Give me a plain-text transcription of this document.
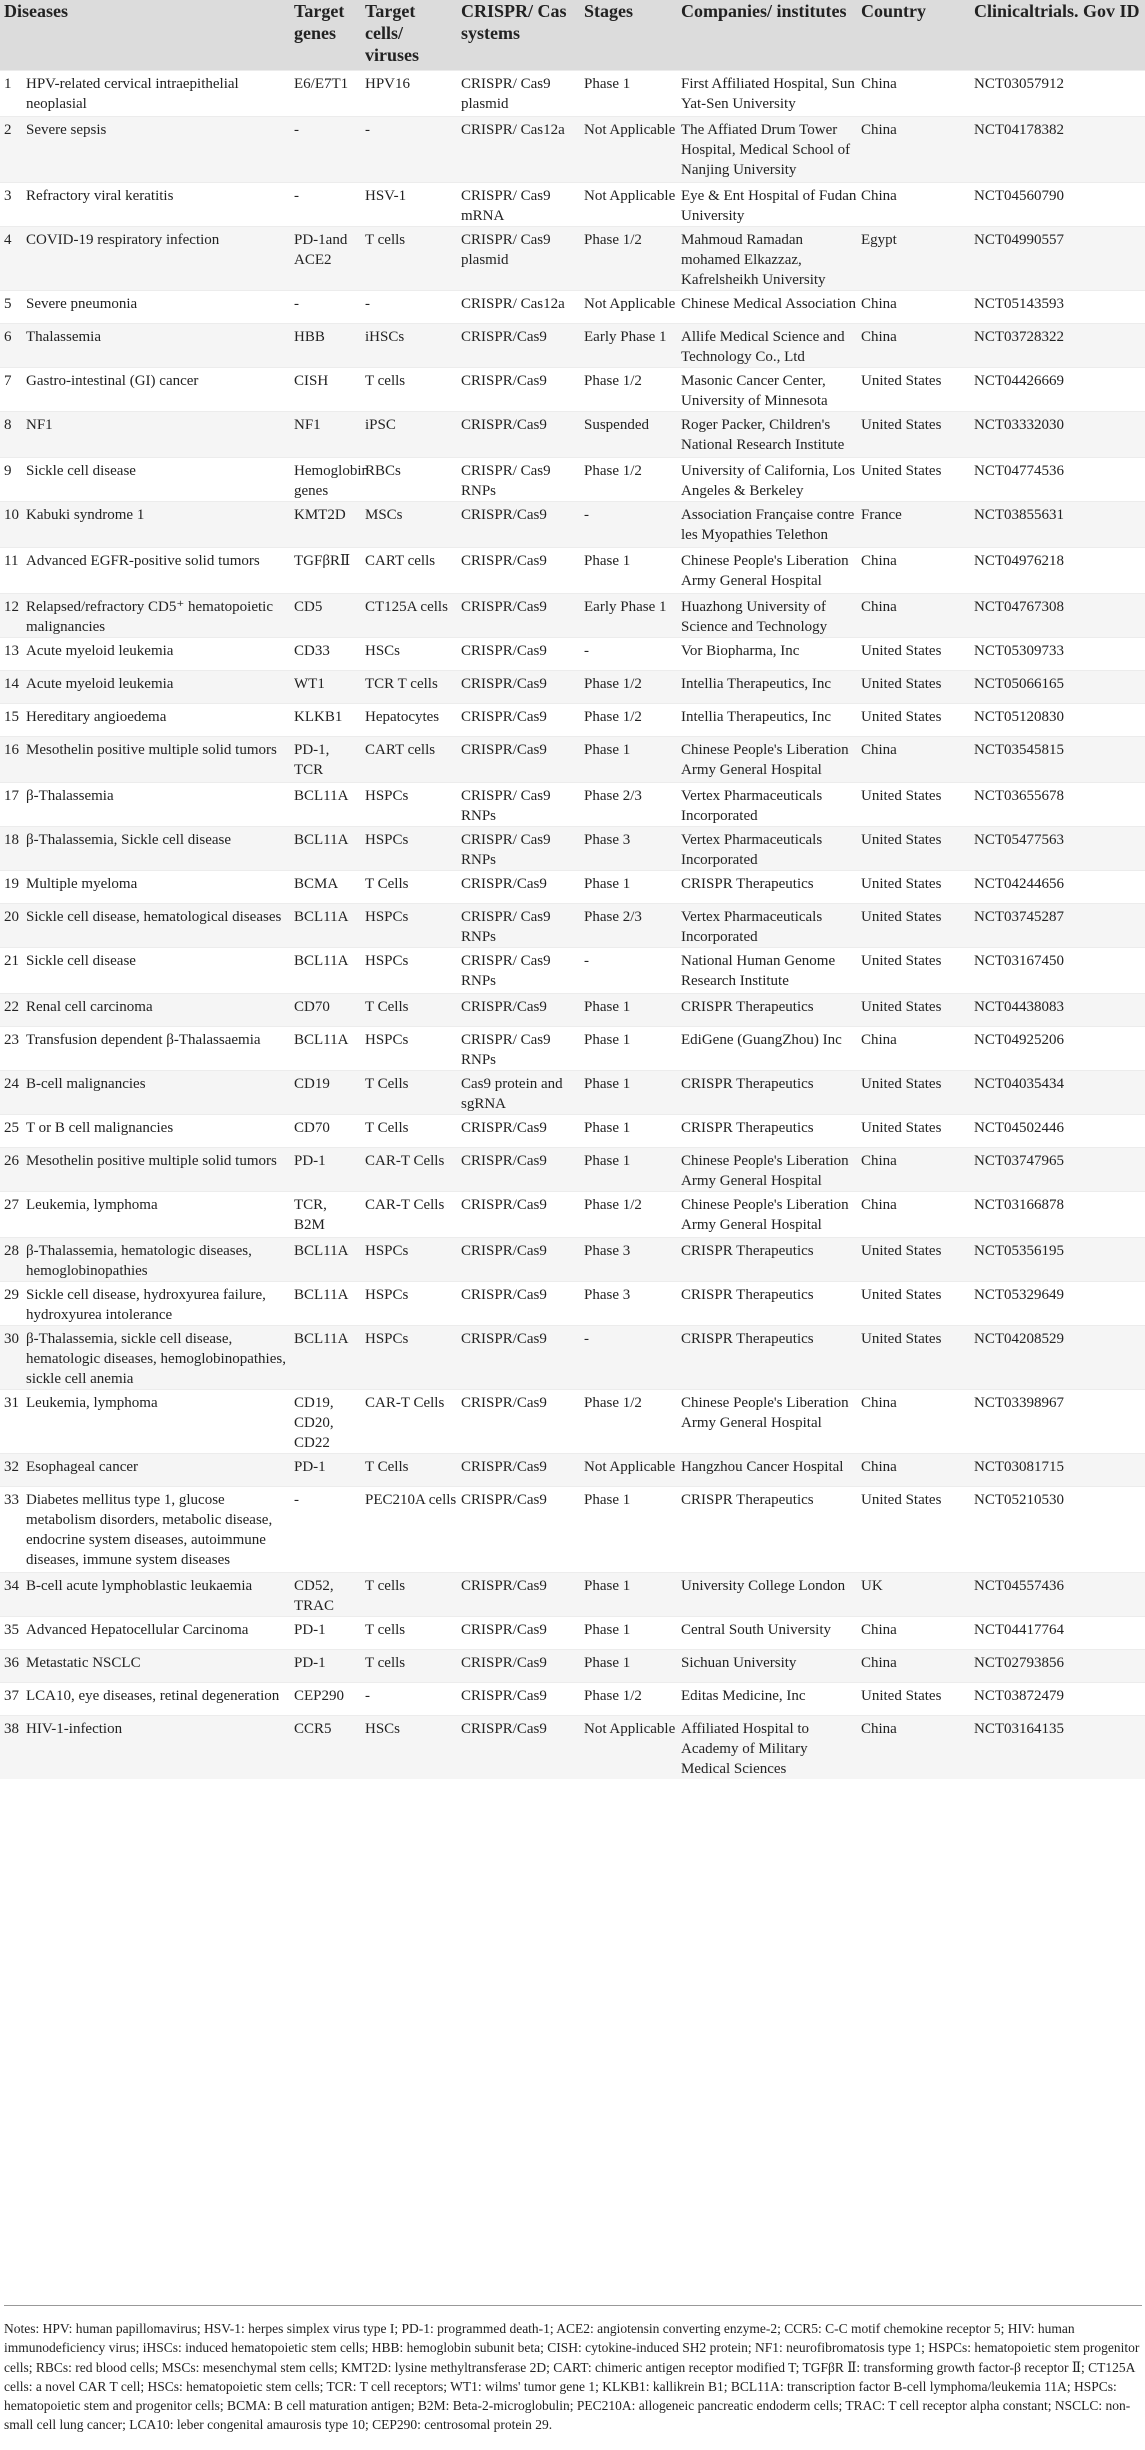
Diseases		Target genes	Target cells/ viruses	CRISPR/ Cas systems	Stages	Companies/ institutes	Country	Clinicaltrials. Gov ID
1	HPV-related cervical intraepithelial neoplasial	E6/E7T1	HPV16	CRISPR/ Cas9 plasmid	Phase 1	First Affiliated Hospital, Sun Yat-Sen University	China	NCT03057912
2	Severe sepsis	-	-	CRISPR/ Cas12a	Not Applicable	The Affiated Drum Tower Hospital, Medical School of Nanjing University	China	NCT04178382
3	Refractory viral keratitis	-	HSV-1	CRISPR/ Cas9 mRNA	Not Applicable	Eye & Ent Hospital of Fudan University	China	NCT04560790
4	COVID-19 respiratory infection	PD-1and ACE2	T cells	CRISPR/ Cas9 plasmid	Phase 1/2	Mahmoud Ramadan mohamed Elkazzaz, Kafrelsheikh University	Egypt	NCT04990557
5	Severe pneumonia	-	-	CRISPR/ Cas12a	Not Applicable	Chinese Medical Association	China	NCT05143593
6	Thalassemia	HBB	iHSCs	CRISPR/Cas9	Early Phase 1	Allife Medical Science and Technology Co., Ltd	China	NCT03728322
7	Gastro-intestinal (GI) cancer	CISH	T cells	CRISPR/Cas9	Phase 1/2	Masonic Cancer Center, University of Minnesota	United States	NCT04426669
8	NF1	NF1	iPSC	CRISPR/Cas9	Suspended	Roger Packer, Children's National Research Institute	United States	NCT03332030
9	Sickle cell disease	Hemoglobin genes	RBCs	CRISPR/ Cas9 RNPs	Phase 1/2	University of California, Los Angeles & Berkeley	United States	NCT04774536
10	Kabuki syndrome 1	KMT2D	MSCs	CRISPR/Cas9	-	Association Française contre les Myopathies Telethon	France	NCT03855631
11	Advanced EGFR-positive solid tumors	TGFβRⅡ	CART cells	CRISPR/Cas9	Phase 1	Chinese People's Liberation Army General Hospital	China	NCT04976218
12	Relapsed/refractory CD5⁺ hematopoietic malignancies	CD5	CT125A cells	CRISPR/Cas9	Early Phase 1	Huazhong University of Science and Technology	China	NCT04767308
13	Acute myeloid leukemia	CD33	HSCs	CRISPR/Cas9	-	Vor Biopharma, Inc	United States	NCT05309733
14	Acute myeloid leukemia	WT1	TCR T cells	CRISPR/Cas9	Phase 1/2	Intellia Therapeutics, Inc	United States	NCT05066165
15	Hereditary angioedema	KLKB1	Hepatocytes	CRISPR/Cas9	Phase 1/2	Intellia Therapeutics, Inc	United States	NCT05120830
16	Mesothelin positive multiple solid tumors	PD-1, TCR	CART cells	CRISPR/Cas9	Phase 1	Chinese People's Liberation Army General Hospital	China	NCT03545815
17	β-Thalassemia	BCL11A	HSPCs	CRISPR/ Cas9 RNPs	Phase 2/3	Vertex Pharmaceuticals Incorporated	United States	NCT03655678
18	β-Thalassemia, Sickle cell disease	BCL11A	HSPCs	CRISPR/ Cas9 RNPs	Phase 3	Vertex Pharmaceuticals Incorporated	United States	NCT05477563
19	Multiple myeloma	BCMA	T Cells	CRISPR/Cas9	Phase 1	CRISPR Therapeutics	United States	NCT04244656
20	Sickle cell disease, hematological diseases	BCL11A	HSPCs	CRISPR/ Cas9 RNPs	Phase 2/3	Vertex Pharmaceuticals Incorporated	United States	NCT03745287
21	Sickle cell disease	BCL11A	HSPCs	CRISPR/ Cas9 RNPs	-	National Human Genome Research Institute	United States	NCT03167450
22	Renal cell carcinoma	CD70	T Cells	CRISPR/Cas9	Phase 1	CRISPR Therapeutics	United States	NCT04438083
23	Transfusion dependent β-Thalassaemia	BCL11A	HSPCs	CRISPR/ Cas9 RNPs	Phase 1	EdiGene (GuangZhou) Inc	China	NCT04925206
24	B-cell malignancies	CD19	T Cells	Cas9 protein and sgRNA	Phase 1	CRISPR Therapeutics	United States	NCT04035434
25	T or B cell malignancies	CD70	T Cells	CRISPR/Cas9	Phase 1	CRISPR Therapeutics	United States	NCT04502446
26	Mesothelin positive multiple solid tumors	PD-1	CAR-T Cells	CRISPR/Cas9	Phase 1	Chinese People's Liberation Army General Hospital	China	NCT03747965
27	Leukemia, lymphoma	TCR, B2M	CAR-T Cells	CRISPR/Cas9	Phase 1/2	Chinese People's Liberation Army General Hospital	China	NCT03166878
28	β-Thalassemia, hematologic diseases, hemoglobinopathies	BCL11A	HSPCs	CRISPR/Cas9	Phase 3	CRISPR Therapeutics	United States	NCT05356195
29	Sickle cell disease, hydroxyurea failure, hydroxyurea intolerance	BCL11A	HSPCs	CRISPR/Cas9	Phase 3	CRISPR Therapeutics	United States	NCT05329649
30	β-Thalassemia, sickle cell disease, hematologic diseases, hemoglobinopathies, sickle cell anemia	BCL11A	HSPCs	CRISPR/Cas9	-	CRISPR Therapeutics	United States	NCT04208529
31	Leukemia, lymphoma	CD19, CD20, CD22	CAR-T Cells	CRISPR/Cas9	Phase 1/2	Chinese People's Liberation Army General Hospital	China	NCT03398967
32	Esophageal cancer	PD-1	T Cells	CRISPR/Cas9	Not Applicable	Hangzhou Cancer Hospital	China	NCT03081715
33	Diabetes mellitus type 1, glucose metabolism disorders, metabolic disease, endocrine system diseases, autoimmune diseases, immune system diseases	-	PEC210A cells	CRISPR/Cas9	Phase 1	CRISPR Therapeutics	United States	NCT05210530
34	B-cell acute lymphoblastic leukaemia	CD52, TRAC	T cells	CRISPR/Cas9	Phase 1	University College London	UK	NCT04557436
35	Advanced Hepatocellular Carcinoma	PD-1	T cells	CRISPR/Cas9	Phase 1	Central South University	China	NCT04417764
36	Metastatic NSCLC	PD-1	T cells	CRISPR/Cas9	Phase 1	Sichuan University	China	NCT02793856
37	LCA10, eye diseases, retinal degeneration	CEP290	-	CRISPR/Cas9	Phase 1/2	Editas Medicine, Inc	United States	NCT03872479
38	HIV-1-infection	CCR5	HSCs	CRISPR/Cas9	Not Applicable	Affiliated Hospital to Academy of Military Medical Sciences	China	NCT03164135
Notes: HPV: human papillomavirus; HSV-1: herpes simplex virus type I; PD-1: programmed death-1; ACE2: angiotensin converting enzyme-2; CCR5: C-C motif chemokine receptor 5; HIV: human immunodeficiency virus; iHSCs: induced hematopoietic stem cells; HBB: hemoglobin subunit beta; CISH: cytokine-induced SH2 protein; NF1: neurofibromatosis type 1; HSPCs: hematopoietic stem progenitor cells; RBCs: red blood cells; MSCs: mesenchymal stem cells; KMT2D: lysine methyltransferase 2D; CART: chimeric antigen receptor modified T; TGFβR Ⅱ: transforming growth factor-β receptor Ⅱ; CT125A cells: a novel CAR T cell; HSCs: hematopoietic stem cells; TCR: T cell receptors; WT1: wilms' tumor gene 1; KLKB1: kallikrein B1; BCL11A: transcription factor B-cell lymphoma/leukemia 11A; HSPCs: hematopoietic stem and progenitor cells; BCMA: B cell maturation antigen; B2M: Beta-2-microglobulin; PEC210A: allogeneic pancreatic endoderm cells; TRAC: T cell receptor alpha constant; NSCLC: non-small cell lung cancer; LCA10: leber congenital amaurosis type 10; CEP290: centrosomal protein 29.
